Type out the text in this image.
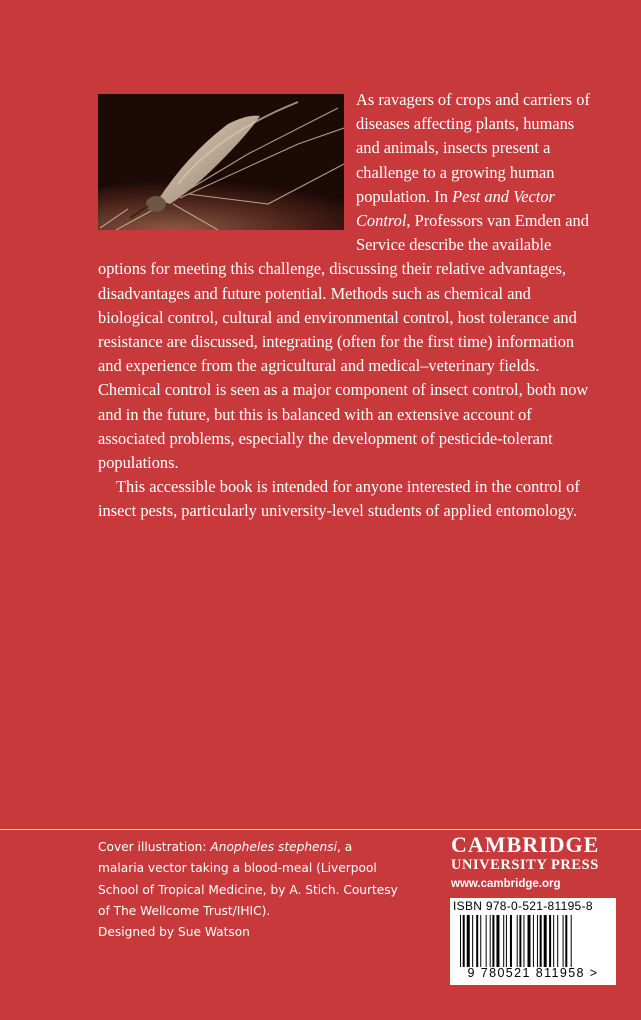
As ravagers of crops and carriers of diseases affecting plants, humans and animals, insects present a challenge to a growing human population. In Pest and Vector Control, Professors van Emden and Service describe the available options for meeting this challenge, discussing their relative advantages, disadvantages and future potential. Methods such as chemical and biological control, cultural and environmental control, host tolerance and resistance are discussed, integrating (often for the first time) information and experience from the agricultural and medical–veterinary fields. Chemical control is seen as a major component of insect control, both now and in the future, but this is balanced with an extensive account of associated problems, especially the development of pesticide-tolerant populations.

This accessible book is intended for anyone interested in the control of insect pests, particularly university-level students of applied entomology.

Cover illustration: Anopheles stephensi, a malaria vector taking a blood-meal (Liverpool School of Tropical Medicine, by A. Stich. Courtesy of The Wellcome Trust/IHIC).

Designed by Sue Watson

CAMBRIDGE
UNIVERSITY PRESS
www.cambridge.org
ISBN 978-0-521-81195-8
9 780521 811958 >
